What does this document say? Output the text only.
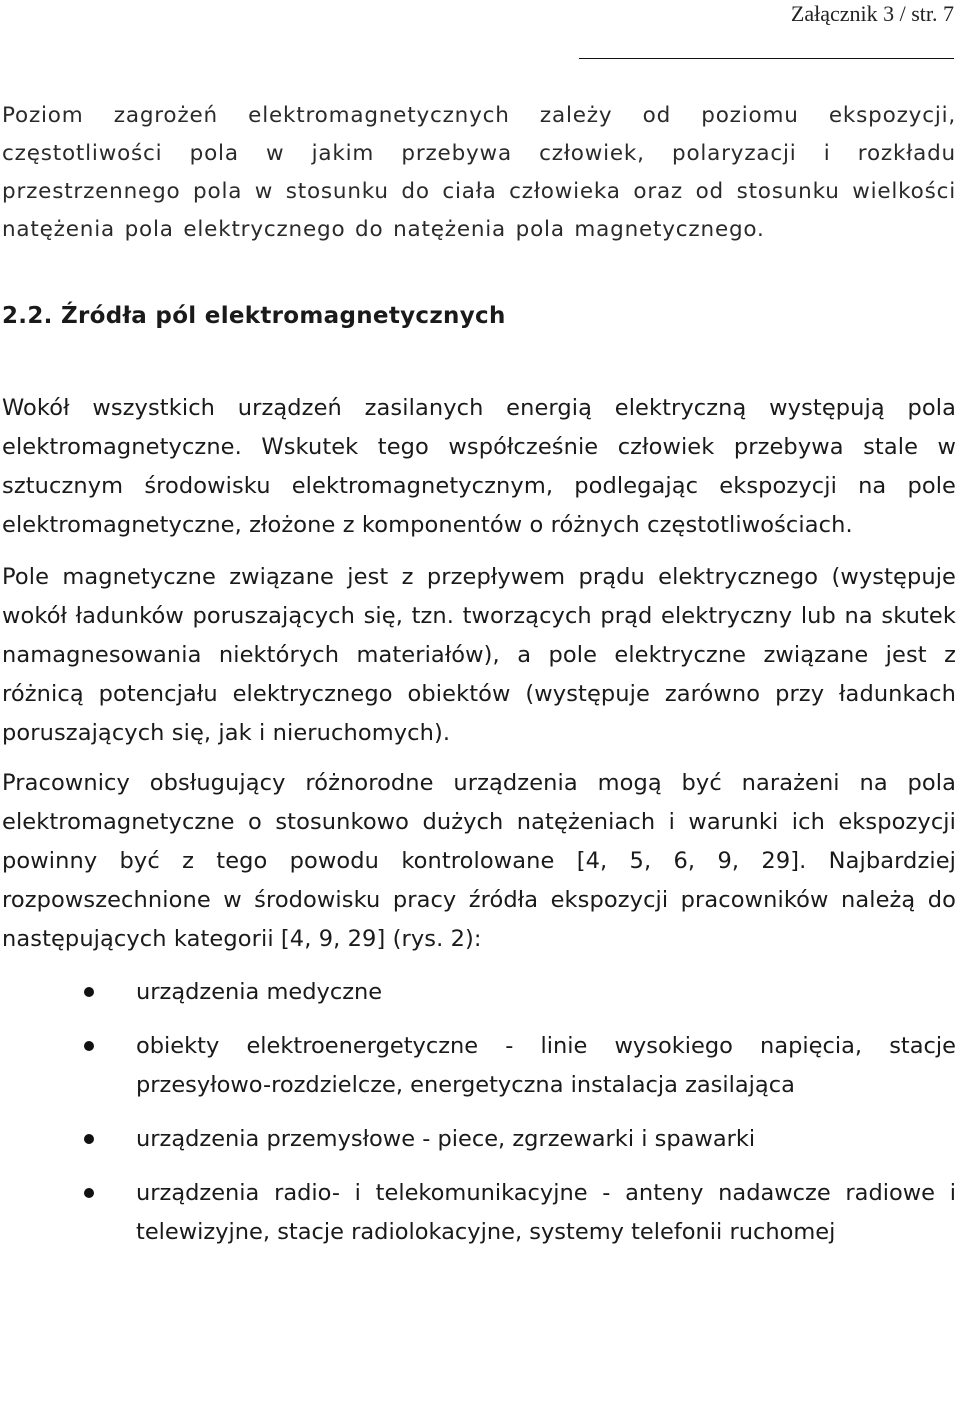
Załącznik 3 / str. 7

Poziom zagrożeń elektromagnetycznych zależy od poziomu ekspozycji, częstotliwości pola w jakim przebywa człowiek, polaryzacji i rozkładu przestrzennego pola w stosunku do ciała człowieka oraz od stosunku wielkości natężenia pola elektrycznego do natężenia pola magnetycznego.

2.2. Źródła pól elektromagnetycznych

Wokół wszystkich urządzeń zasilanych energią elektryczną występują pola elektromagnetyczne. Wskutek tego współcześnie człowiek przebywa stale w sztucznym środowisku elektromagnetycznym, podlegając ekspozycji na pole elektromagnetyczne, złożone z komponentów o różnych częstotliwościach.

Pole magnetyczne związane jest z przepływem prądu elektrycznego (występuje wokół ładunków poruszających się, tzn. tworzących prąd elektryczny lub na skutek namagnesowania niektórych materiałów), a pole elektryczne związane jest z różnicą potencjału elektrycznego obiektów (występuje zarówno przy ładunkach poruszających się, jak i nieruchomych).

Pracownicy obsługujący różnorodne urządzenia mogą być narażeni na pola elektromagnetyczne o stosunkowo dużych natężeniach i warunki ich ekspozycji powinny być z tego powodu kontrolowane [4, 5, 6, 9, 29]. Najbardziej rozpowszechnione w środowisku pracy źródła ekspozycji pracowników należą do następujących kategorii [4, 9, 29] (rys. 2):

urządzenia medyczne
obiekty elektroenergetyczne - linie wysokiego napięcia, stacje przesyłowo-rozdzielcze, energetyczna instalacja zasilająca
urządzenia przemysłowe - piece, zgrzewarki i spawarki
urządzenia radio- i telekomunikacyjne - anteny nadawcze radiowe i telewizyjne, stacje radiolokacyjne, systemy telefonii ruchomej
